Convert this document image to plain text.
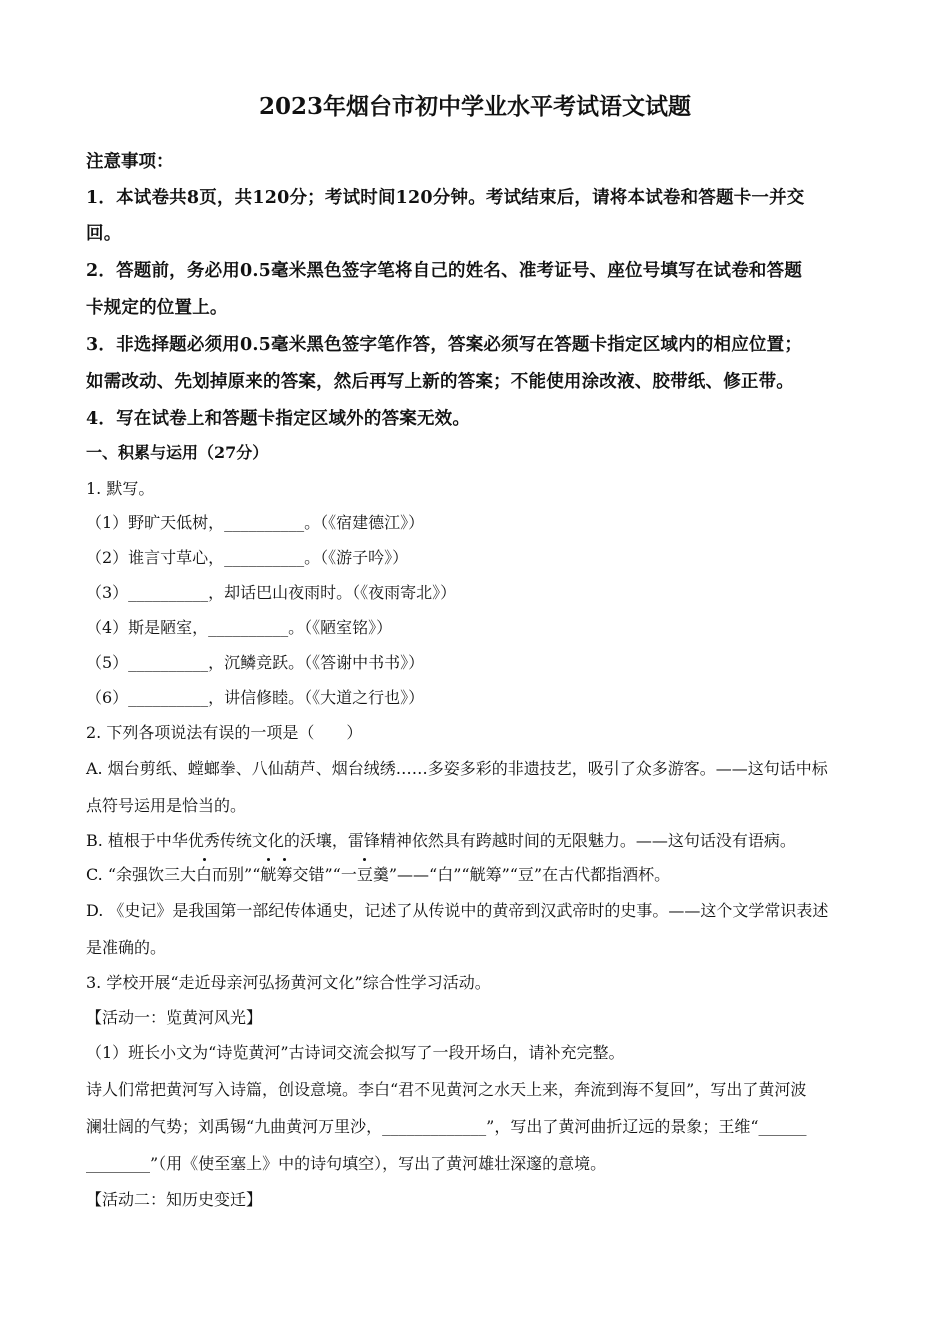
2023年烟台市初中学业水平考试语文试题
注意事项：
1．本试卷共8页，共120分；考试时间120分钟。考试结束后，请将本试卷和答题卡一并交
回。
2．答题前，务必用0.5毫米黑色签字笔将自己的姓名、准考证号、座位号填写在试卷和答题
卡规定的位置上。
3．非选择题必须用0.5毫米黑色签字笔作答，答案必须写在答题卡指定区域内的相应位置；
如需改动、先划掉原来的答案，然后再写上新的答案；不能使用涂改液、胶带纸、修正带。
4．写在试卷上和答题卡指定区域外的答案无效。
一、积累与运用（27分）
1. 默写。
（1）野旷天低树，__________。（《宿建德江》）
（2）谁言寸草心，__________。（《游子吟》）
（3）__________，却话巴山夜雨时。（《夜雨寄北》）
（4）斯是陋室，__________。（《陋室铭》）
（5）__________，沉鳞竞跃。（《答谢中书书》）
（6）__________，讲信修睦。（《大道之行也》）
2. 下列各项说法有误的一项是（　　）
A. 烟台剪纸、螳螂拳、八仙葫芦、烟台绒绣……多姿多彩的非遗技艺，吸引了众多游客。——这句话中标
点符号运用是恰当的。
B. 植根于中华优秀传统文化的沃壤，雷锋精神依然具有跨越时间的无限魅力。——这句话没有语病。
C. “余强饮三大白而别”“觥筹交错”“一豆羹”——“白”“觥筹”“豆”在古代都指酒杯。
D. 《史记》是我国第一部纪传体通史，记述了从传说中的黄帝到汉武帝时的史事。——这个文学常识表述
是准确的。
3. 学校开展“走近母亲河弘扬黄河文化”综合性学习活动。
【活动一：览黄河风光】
（1）班长小文为“诗览黄河”古诗词交流会拟写了一段开场白，请补充完整。
诗人们常把黄河写入诗篇，创设意境。李白“君不见黄河之水天上来，奔流到海不复回”，写出了黄河波
澜壮阔的气势；刘禹锡“九曲黄河万里沙，_____________”，写出了黄河曲折辽远的景象；王维“______
________”（用《使至塞上》中的诗句填空），写出了黄河雄壮深邃的意境。
【活动二：知历史变迁】
